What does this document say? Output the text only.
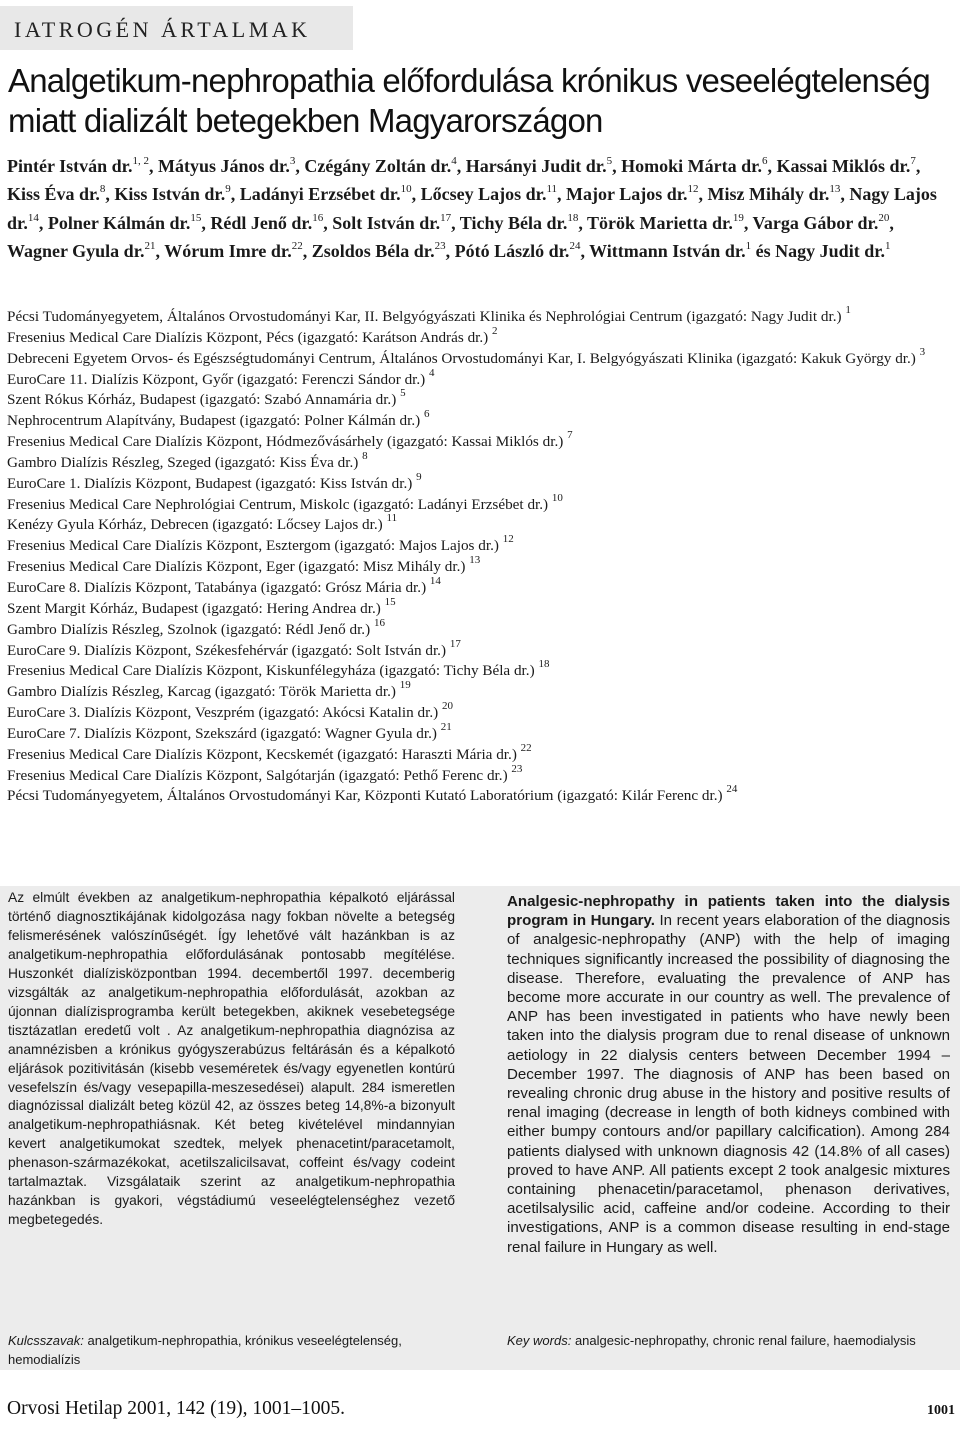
IATROGÉN ÁRTALMAK
Analgetikum-nephropathia előfordulása krónikus veseelégtelenség miatt dializált betegekben Magyarországon
Pintér István dr.$^{1, 2}$, Mátyus János dr.$^3$, Czégány Zoltán dr.$^4$, Harsányi Judit dr.$^5$, Homoki Márta dr.$^6$, Kassai Miklós dr.$^7$, Kiss Éva dr.$^8$, Kiss István dr.$^9$, Ladányi Erzsébet dr.$^{10}$, Lőcsey Lajos dr.$^{11}$, Major Lajos dr.$^{12}$, Misz Mihály dr.$^{13}$, Nagy Lajos dr.$^{14}$, Polner Kálmán dr.$^{15}$, Rédl Jenő dr.$^{16}$, Solt István dr.$^{17}$, Tichy Béla dr.$^{18}$, Török Marietta dr.$^{19}$, Varga Gábor dr.$^{20}$, Wagner Gyula dr.$^{21}$, Wórum Imre dr.$^{22}$, Zsoldos Béla dr.$^{23}$, Pótó László dr.$^{24}$, Wittmann István dr.$^1$ és Nagy Judit dr.$^1$
Pécsi Tudományegyetem, Általános Orvostudományi Kar, II. Belgyógyászati Klinika és Nephrológiai Centrum (igazgató: Nagy Judit dr.) $^1$
Fresenius Medical Care Dialízis Központ, Pécs (igazgató: Karátson András dr.) $^2$
Debreceni Egyetem Orvos- és Egészségtudományi Centrum, Általános Orvostudományi Kar, I. Belgyógyászati Klinika (igazgató: Kakuk György dr.) $^3$
EuroCare 11. Dialízis Központ, Győr (igazgató: Ferenczi Sándor dr.) $^4$
Szent Rókus Kórház, Budapest (igazgató: Szabó Annamária dr.) $^5$
Nephrocentrum Alapítvány, Budapest (igazgató: Polner Kálmán dr.) $^6$
Fresenius Medical Care Dialízis Központ, Hódmezővásárhely (igazgató: Kassai Miklós dr.) $^7$
Gambro Dialízis Részleg, Szeged (igazgató: Kiss Éva dr.) $^8$
EuroCare 1. Dialízis Központ, Budapest (igazgató: Kiss István dr.) $^9$
Fresenius Medical Care Nephrológiai Centrum, Miskolc (igazgató: Ladányi Erzsébet dr.) $^{10}$
Kenézy Gyula Kórház, Debrecen (igazgató: Lőcsey Lajos dr.) $^{11}$
Fresenius Medical Care Dialízis Központ, Esztergom (igazgató: Majos Lajos dr.) $^{12}$
Fresenius Medical Care Dialízis Központ, Eger (igazgató: Misz Mihály dr.) $^{13}$
EuroCare 8. Dialízis Központ, Tatabánya (igazgató: Grósz Mária dr.) $^{14}$
Szent Margit Kórház, Budapest (igazgató: Hering Andrea dr.) $^{15}$
Gambro Dialízis Részleg, Szolnok (igazgató: Rédl Jenő dr.) $^{16}$
EuroCare 9. Dialízis Központ, Székesfehérvár (igazgató: Solt István dr.) $^{17}$
Fresenius Medical Care Dialízis Központ, Kiskunfélegyháza (igazgató: Tichy Béla dr.) $^{18}$
Gambro Dialízis Részleg, Karcag (igazgató: Török Marietta dr.) $^{19}$
EuroCare 3. Dialízis Központ, Veszprém (igazgató: Akócsi Katalin dr.) $^{20}$
EuroCare 7. Dialízis Központ, Szekszárd (igazgató: Wagner Gyula dr.) $^{21}$
Fresenius Medical Care Dialízis Központ, Kecskemét (igazgató: Haraszti Mária dr.) $^{22}$
Fresenius Medical Care Dialízis Központ, Salgótarján (igazgató: Pethő Ferenc dr.) $^{23}$
Pécsi Tudományegyetem, Általános Orvostudományi Kar, Központi Kutató Laboratórium (igazgató: Kilár Ferenc dr.) $^{24}$
Az elmúlt években az analgetikum-nephropathia képalkotó eljárással történő diagnosztikájának kidolgozása nagy fokban növelte a betegség felismerésének valószínűségét. Így lehetővé vált hazánkban is az analgetikum-nephropathia előfordulásának pontosabb megítélése. Huszonkét dialízisközpontban 1994. decembertől 1997. decemberig vizsgálták az analgetikum-nephropathia előfordulását, azokban az újonnan dialízisprogramba került betegekben, akiknek vesebetegsége tisztázatlan eredetű volt . Az analgetikum-nephropathia diagnózisa az anamnézisben a krónikus gyógyszerabúzus feltárásán és a képalkotó eljárások pozitivitásán (kisebb veseméretek és/vagy egyenetlen kontúrú vesefelszín és/vagy vesepapilla-meszesedései) alapult. 284 ismeretlen diagnózissal dializált beteg közül 42, az összes beteg 14,8%-a bizonyult analgetikum-nephropathiásnak. Két beteg kivételével mindannyian kevert analgetikumokat szedtek, melyek phenacetint/paracetamolt, phenason-származékokat, acetilszalicilsavat, coffeint és/vagy codeint tartalmaztak. Vizsgálataik szerint az analgetikum-nephropathia hazánkban is gyakori, végstádiumú veseelégtelenséghez vezető megbetegedés.
Analgesic-nephropathy in patients taken into the dialysis program in Hungary. In recent years elaboration of the diagnosis of analgesic-nephropathy (ANP) with the help of imaging techniques significantly increased the possibility of diagnosing the disease. Therefore, evaluating the prevalence of ANP has become more accurate in our country as well. The prevalence of ANP has been investigated in patients who have newly been taken into the dialysis program due to renal disease of unknown aetiology in 22 dialysis centers between December 1994 – December 1997. The diagnosis of ANP has been based on revealing chronic drug abuse in the history and positive results of renal imaging (decrease in length of both kidneys combined with either bumpy contours and/or papillary calcification). Among 284 patients dialysed with unknown diagnosis 42 (14.8% of all cases) proved to have ANP. All patients except 2 took analgesic mixtures containing phenacetin/paracetamol, phenason derivatives, acetilsalysilic acid, caffeine and/or codeine. According to their investigations, ANP is a common disease resulting in end-stage renal failure in Hungary as well.
Kulcsszavak: analgetikum-nephropathia, krónikus veseelégtelenség, hemodialízis
Key words: analgesic-nephropathy, chronic renal failure, haemodialysis
Orvosi Hetilap 2001, 142 (19), 1001–1005.	1001
